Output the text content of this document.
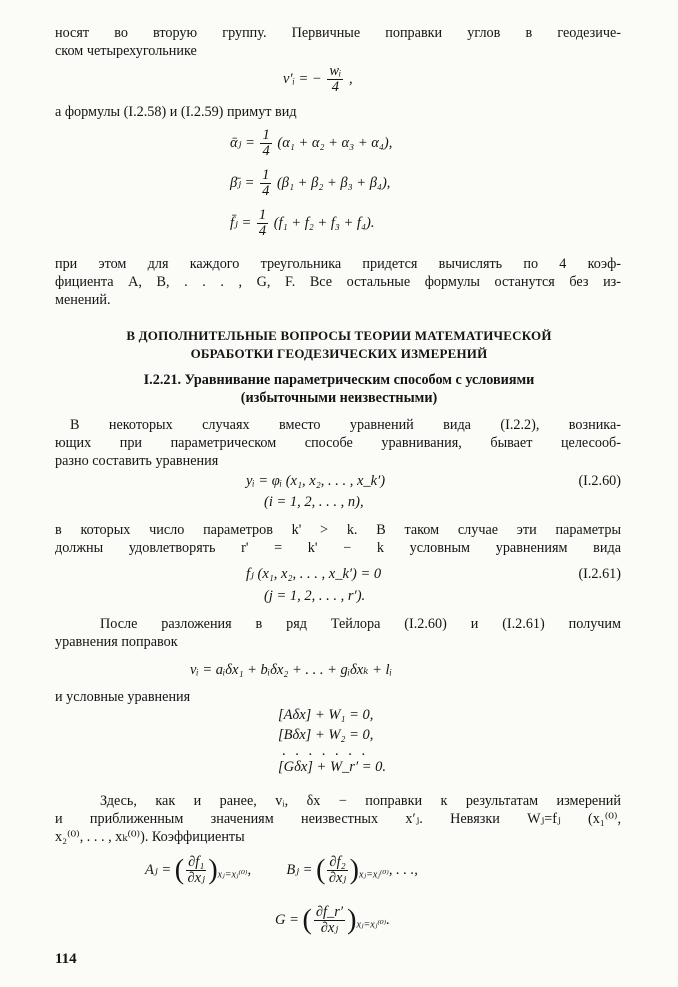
носят во вторую группу. Первичные поправки углов в геодезиче-
ском четырехугольнике
v′ᵢ = − $\frac{\text{wᵢ}}{4}$ ,
а формулы (I.2.58) и (I.2.59) примут вид
ᾱⱼ = $\frac{1}{4} (\alpha_1 + \alpha_2 + \alpha_3 + \alpha_4)$,
β̄ⱼ = $\frac{1}{4} (\beta_1 + \beta_2 + \beta_3 + \beta_4)$,
f̄ⱼ = $\frac{1}{4} (f_1 + f_2 + f_3 + f_4)$.
при этом для каждого треугольника придется вычислять по 4 коэф-
фициента A, B, . . . , G, F. Все остальные формулы останутся без из-
менений.
В ДОПОЛНИТЕЛЬНЫЕ ВОПРОСЫ ТЕОРИИ МАТЕМАТИЧЕСКОЙ
ОБРАБОТКИ ГЕОДЕЗИЧЕСКИХ ИЗМЕРЕНИЙ
I.2.21. Уравнивание параметрическим способом с условиями
(избыточными неизвестными)
В некоторых случаях вместо уравнений вида (I.2.2), возника-
ющих при параметрическом способе уравнивания, бывает целесооб-
разно составить уравнения
yᵢ = φᵢ (x₁, x₂, . . . , x_k′)	(I.2.60)
(i = 1, 2, . . . , n),
в которых число параметров k' > k. В таком случае эти параметры
должны удовлетворять r' = k' − k условным уравнениям вида
fⱼ (x₁, x₂, . . . , x_k′) = 0	(I.2.61)
(j = 1, 2, . . . , r′).
После разложения в ряд Тейлора (I.2.60) и (I.2.61) получим
уравнения поправок
vᵢ = aᵢδx₁ + bᵢδx₂ + . . . + gᵢδxₖ + lᵢ
и условные уравнения
[Aδx] + W₁ = 0,
[Bδx] + W₂ = 0,
. . . . . . .
[Gδx] + W_r′ = 0.
Здесь, как и ранее, vᵢ, δx − поправки к результатам измерений
и приближенным значениям неизвестных x′ⱼ. Невязки Wⱼ=fⱼ (x₁⁽⁰⁾,
x₂⁽⁰⁾, . . . , xₖ⁽⁰⁾). Коэффициенты
Aⱼ = ( $\frac{\text{∂f₁}}{\text{∂xⱼ}} )_{xⱼ=xⱼ^{(0)}}$, Bⱼ = ( $\frac{\text{∂f₂}}{\text{∂xⱼ}} )_{xⱼ=xⱼ^{(0)}}$, . . .,
G = ( $\frac{\partial f\_r'}{\text{∂xⱼ}} )_{xⱼ=xⱼ^{(0)}}$.
114
